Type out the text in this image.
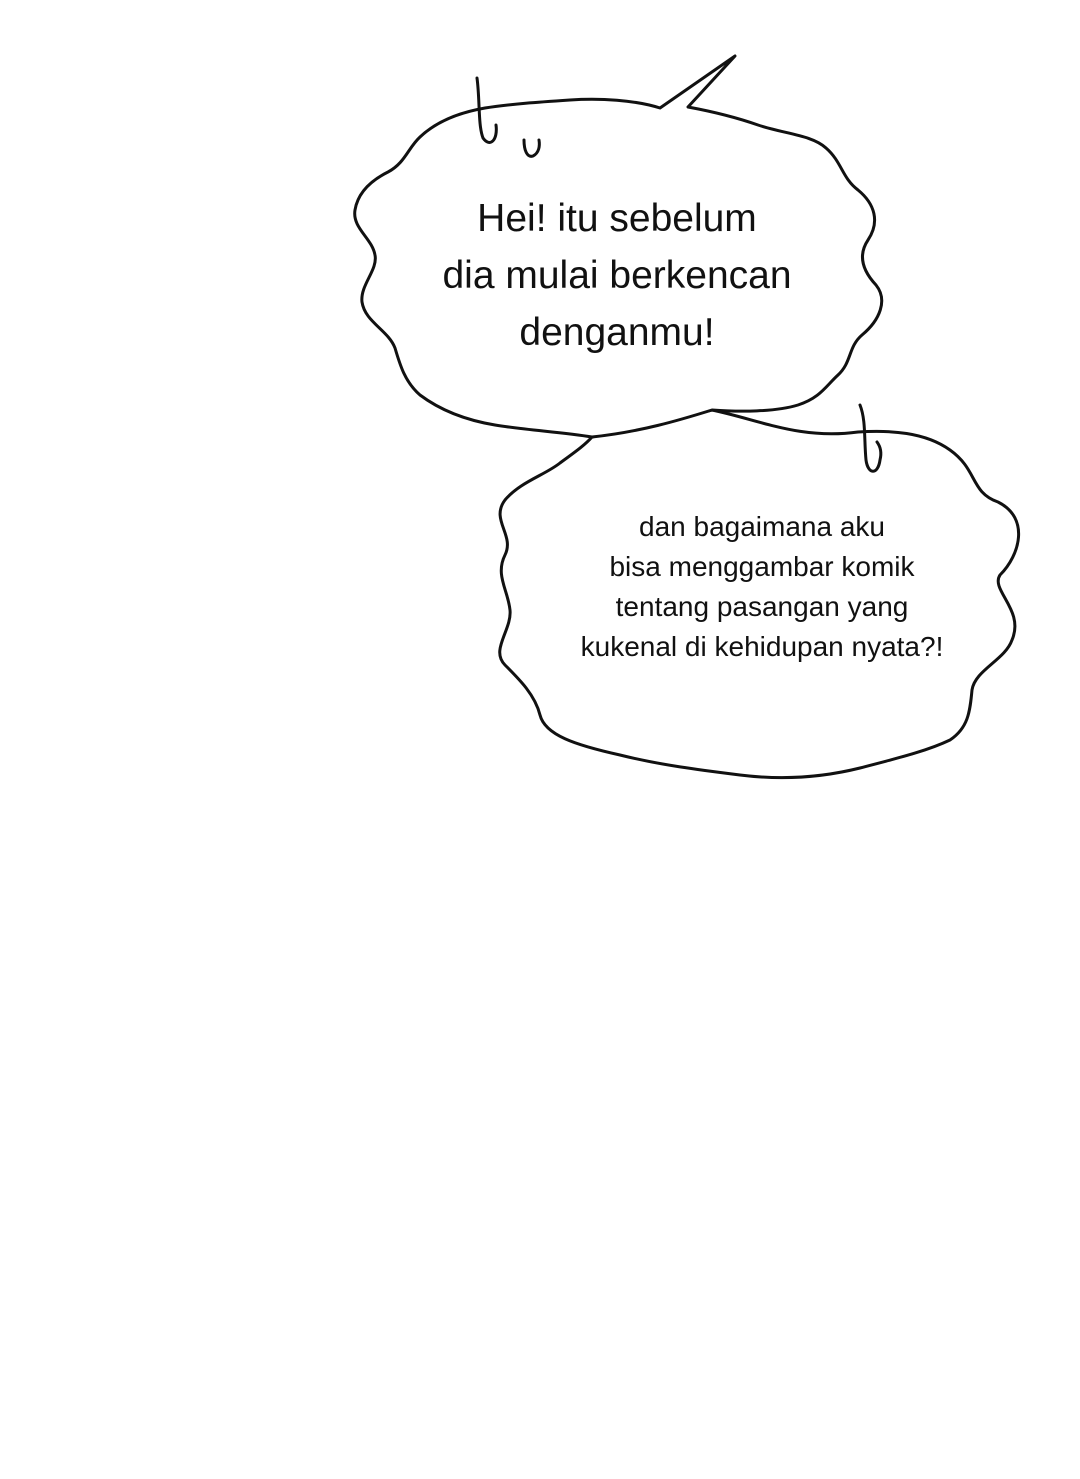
Hei! itu sebelum
dia mulai berkencan
denganmu!
dan bagaimana aku
bisa menggambar komik
tentang pasangan yang
kukenal di kehidupan nyata?!
